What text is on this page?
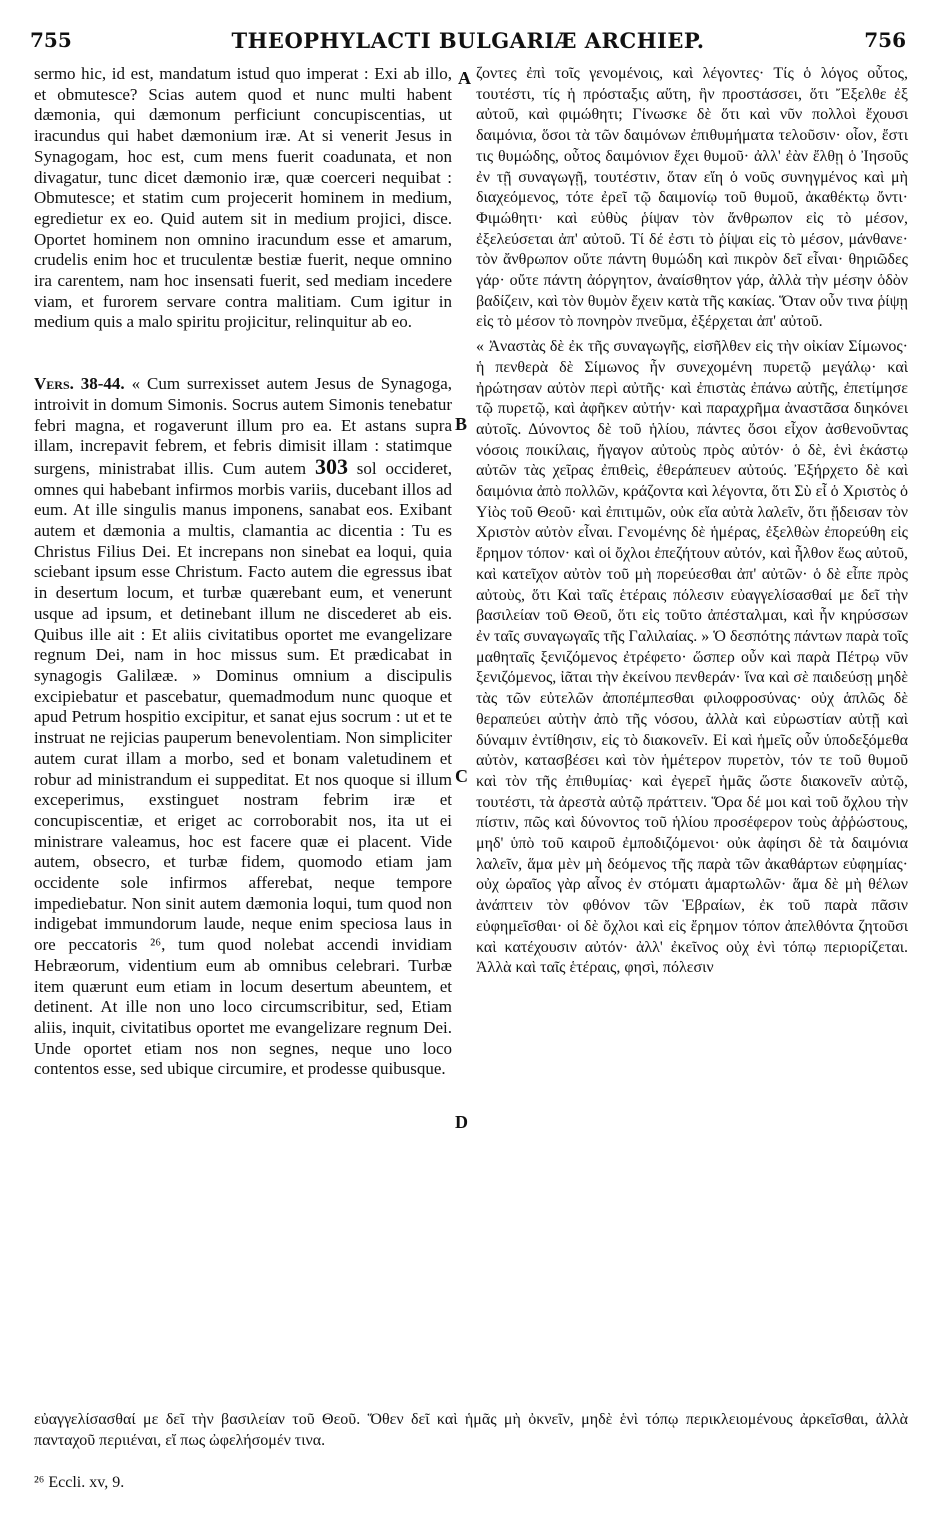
755	THEOPHYLACTI BULGARIÆ ARCHIEP.	756

sermo hic, id est, mandatum istud quo imperat : Exi ab illo, et obmutesce? Scias autem quod et nunc multi habent dæmonia, qui dæmonum perficiunt concupiscentias, ut iracundus qui habet dæmonium iræ. At si venerit Jesus in Synagogam, hoc est, cum mens fuerit coadunata, et non divagatur, tunc dicet dæmonio iræ, quæ coerceri nequibat : Obmutesce; et statim cum projecerit hominem in medium, egredietur ex eo. Quid autem sit in medium projici, disce. Oportet hominem non omnino iracundum esse et amarum, crudelis enim hoc et truculentæ bestiæ fuerit, neque omnino ira carentem, nam hoc insensati fuerit, sed mediam incedere viam, et furorem servare contra malitiam. Cum igitur in medium quis a malo spiritu projicitur, relinquitur ab eo.

Vers. 38-44. « Cum surrexisset autem Jesus de Synagoga, introivit in domum Simonis. Socrus autem Simonis tenebatur febri magna, et rogaverunt illum pro ea. Et astans supra illam, increpavit febrem, et febris dimisit illam : statimque surgens, ministrabat illis. Cum autem 303 sol occideret, omnes qui habebant infirmos morbis variis, ducebant illos ad eum. At ille singulis manus imponens, sanabat eos. Exibant autem et dæmonia a multis, clamantia ac dicentia : Tu es Christus Filius Dei. Et increpans non sinebat ea loqui, quia sciebant ipsum esse Christum. Facto autem die egressus ibat in desertum locum, et turbæ quærebant eum, et venerunt usque ad ipsum, et detinebant illum ne discederet ab eis. Quibus ille ait : Et aliis civitatibus oportet me evangelizare regnum Dei, nam in hoc missus sum. Et prædicabat in synagogis Galilææ. » Dominus omnium a discipulis excipiebatur et pascebatur, quemadmodum nunc quoque et apud Petrum hospitio excipitur, et sanat ejus socrum : ut et te instruat ne rejicias pauperum benevolentiam. Non simpliciter autem curat illam a morbo, sed et bonam valetudinem et robur ad ministrandum ei suppeditat. Et nos quoque si illum exceperimus, exstinguet nostram febrim iræ et concupiscentiæ, et eriget ac corroborabit nos, ita ut ei ministrare valeamus, hoc est facere quæ ei placent. Vide autem, obsecro, et turbæ fidem, quomodo etiam jam occidente sole infirmos afferebat, neque tempore impediebatur. Non sinit autem dæmonia loqui, tum quod non indigebat immundorum laude, neque enim speciosa laus in ore peccatoris ²⁶, tum quod nolebat accendi invidiam Hebræorum, videntium eum ab omnibus celebrari. Turbæ item quærunt eum etiam in locum desertum abeuntem, et detinent. At ille non uno loco circumscribitur, sed, Etiam aliis, inquit, civitatibus oportet me evangelizare regnum Dei. Unde oportet etiam nos non segnes, neque uno loco contentos esse, sed ubique circumire, et prodesse quibusque.

A
B
C
D

ζοντες ἐπὶ τοῖς γενομένοις, καὶ λέγοντες· Τίς ὁ λόγος οὗτος, τουτέστι, τίς ἡ πρόσταξις αὕτη, ἣν προστάσσει, ὅτι Ἔξελθε ἐξ αὐτοῦ, καὶ φιμώθητι; Γίνωσκε δὲ ὅτι καὶ νῦν πολλοὶ ἔχουσι δαιμόνια, ὅσοι τὰ τῶν δαιμόνων ἐπιθυμήματα τελοῦσιν· οἷον, ἔστι τις θυμώδης, οὗτος δαιμόνιον ἔχει θυμοῦ· ἀλλ' ἐὰν ἔλθῃ ὁ Ἰησοῦς ἐν τῇ συναγωγῇ, τουτέστιν, ὅταν εἴη ὁ νοῦς συνηγμένος καὶ μὴ διαχεόμενος, τότε ἐρεῖ τῷ δαιμονίῳ τοῦ θυμοῦ, ἀκαθέκτῳ ὄντι· Φιμώθητι· καὶ εὐθὺς ῥίψαν τὸν ἄνθρωπον εἰς τὸ μέσον, ἐξελεύσεται ἀπ' αὐτοῦ. Τί δέ ἐστι τὸ ῥίψαι εἰς τὸ μέσον, μάνθανε· τὸν ἄνθρωπον οὔτε πάντη θυμώδη καὶ πικρὸν δεῖ εἶναι· θηριῶδες γάρ· οὔτε πάντη ἀόργητον, ἀναίσθητον γάρ, ἀλλὰ τὴν μέσην ὁδὸν βαδίζειν, καὶ τὸν θυμὸν ἔχειν κατὰ τῆς κακίας. Ὅταν οὖν τινα ῥίψῃ εἰς τὸ μέσον τὸ πονηρὸν πνεῦμα, ἐξέρχεται ἀπ' αὐτοῦ.

« Ἀναστὰς δὲ ἐκ τῆς συναγωγῆς, εἰσῆλθεν εἰς τὴν οἰκίαν Σίμωνος· ἡ πενθερὰ δὲ Σίμωνος ἦν συνεχομένη πυρετῷ μεγάλῳ· καὶ ἠρώτησαν αὐτὸν περὶ αὐτῆς· καὶ ἐπιστὰς ἐπάνω αὐτῆς, ἐπετίμησε τῷ πυρετῷ, καὶ ἀφῆκεν αὐτήν· καὶ παραχρῆμα ἀναστᾶσα διηκόνει αὐτοῖς. Δύνοντος δὲ τοῦ ἡλίου, πάντες ὅσοι εἶχον ἀσθενοῦντας νόσοις ποικίλαις, ἤγαγον αὐτοὺς πρὸς αὐτόν· ὁ δὲ, ἑνὶ ἑκάστῳ αὐτῶν τὰς χεῖρας ἐπιθεὶς, ἐθεράπευεν αὐτούς. Ἐξήρχετο δὲ καὶ δαιμόνια ἀπὸ πολλῶν, κράζοντα καὶ λέγοντα, ὅτι Σὺ εἶ ὁ Χριστὸς ὁ Υἱὸς τοῦ Θεοῦ· καὶ ἐπιτιμῶν, οὐκ εἴα αὐτὰ λαλεῖν, ὅτι ᾔδεισαν τὸν Χριστὸν αὐτὸν εἶναι. Γενομένης δὲ ἡμέρας, ἐξελθὼν ἐπορεύθη εἰς ἔρημον τόπον· καὶ οἱ ὄχλοι ἐπεζήτουν αὐτόν, καὶ ἦλθον ἕως αὐτοῦ, καὶ κατεῖχον αὐτὸν τοῦ μὴ πορεύεσθαι ἀπ' αὐτῶν· ὁ δὲ εἶπε πρὸς αὐτοὺς, ὅτι Καὶ ταῖς ἑτέραις πόλεσιν εὐαγγελίσασθαί με δεῖ τὴν βασιλείαν τοῦ Θεοῦ, ὅτι εἰς τοῦτο ἀπέσταλμαι, καὶ ἦν κηρύσσων ἐν ταῖς συναγωγαῖς τῆς Γαλιλαίας. » Ὁ δεσπότης πάντων παρὰ τοῖς μαθηταῖς ξενιζόμενος ἐτρέφετο· ὥσπερ οὖν καὶ παρὰ Πέτρῳ νῦν ξενιζόμενος, ἰᾶται τὴν ἐκείνου πενθεράν· ἵνα καὶ σὲ παιδεύσῃ μηδὲ τὰς τῶν εὐτελῶν ἀποπέμπεσθαι φιλοφροσύνας· οὐχ ἁπλῶς δὲ θεραπεύει αὐτὴν ἀπὸ τῆς νόσου, ἀλλὰ καὶ εὐρωστίαν αὐτῇ καὶ δύναμιν ἐντίθησιν, εἰς τὸ διακονεῖν. Εἰ καὶ ἡμεῖς οὖν ὑποδεξόμεθα αὐτὸν, κατασβέσει καὶ τὸν ἡμέτερον πυρετὸν, τόν τε τοῦ θυμοῦ καὶ τὸν τῆς ἐπιθυμίας· καὶ ἐγερεῖ ἡμᾶς ὥστε διακονεῖν αὐτῷ, τουτέστι, τὰ ἀρεστὰ αὐτῷ πράττειν. Ὅρα δέ μοι καὶ τοῦ ὄχλου τὴν πίστιν, πῶς καὶ δύνοντος τοῦ ἡλίου προσέφερον τοὺς ἀῤῥώστους, μηδ' ὑπὸ τοῦ καιροῦ ἐμποδιζόμενοι· οὐκ ἀφίησι δὲ τὰ δαιμόνια λαλεῖν, ἅμα μὲν μὴ δεόμενος τῆς παρὰ τῶν ἀκαθάρτων εὐφημίας· οὐχ ὡραῖος γὰρ αἶνος ἐν στόματι ἁμαρτωλῶν· ἅμα δὲ μὴ θέλων ἀνάπτειν τὸν φθόνον τῶν Ἑβραίων, ἐκ τοῦ παρὰ πᾶσιν εὐφημεῖσθαι· οἱ δὲ ὄχλοι καὶ εἰς ἔρημον τόπον ἀπελθόντα ζητοῦσι καὶ κατέχουσιν αὐτόν· ἀλλ' ἐκεῖνος οὐχ ἑνὶ τόπῳ περιορίζεται. Ἀλλὰ καὶ ταῖς ἑτέραις, φησὶ, πόλεσιν

εὐαγγελίσασθαί με δεῖ τὴν βασιλείαν τοῦ Θεοῦ. Ὅθεν δεῖ καὶ ἡμᾶς μὴ ὀκνεῖν, μηδὲ ἑνὶ τόπῳ περικλειομένους ἀρκεῖσθαι, ἀλλὰ πανταχοῦ περιιέναι, εἴ πως ὠφελήσομέν τινα.
²⁶ Eccli. xv, 9.
